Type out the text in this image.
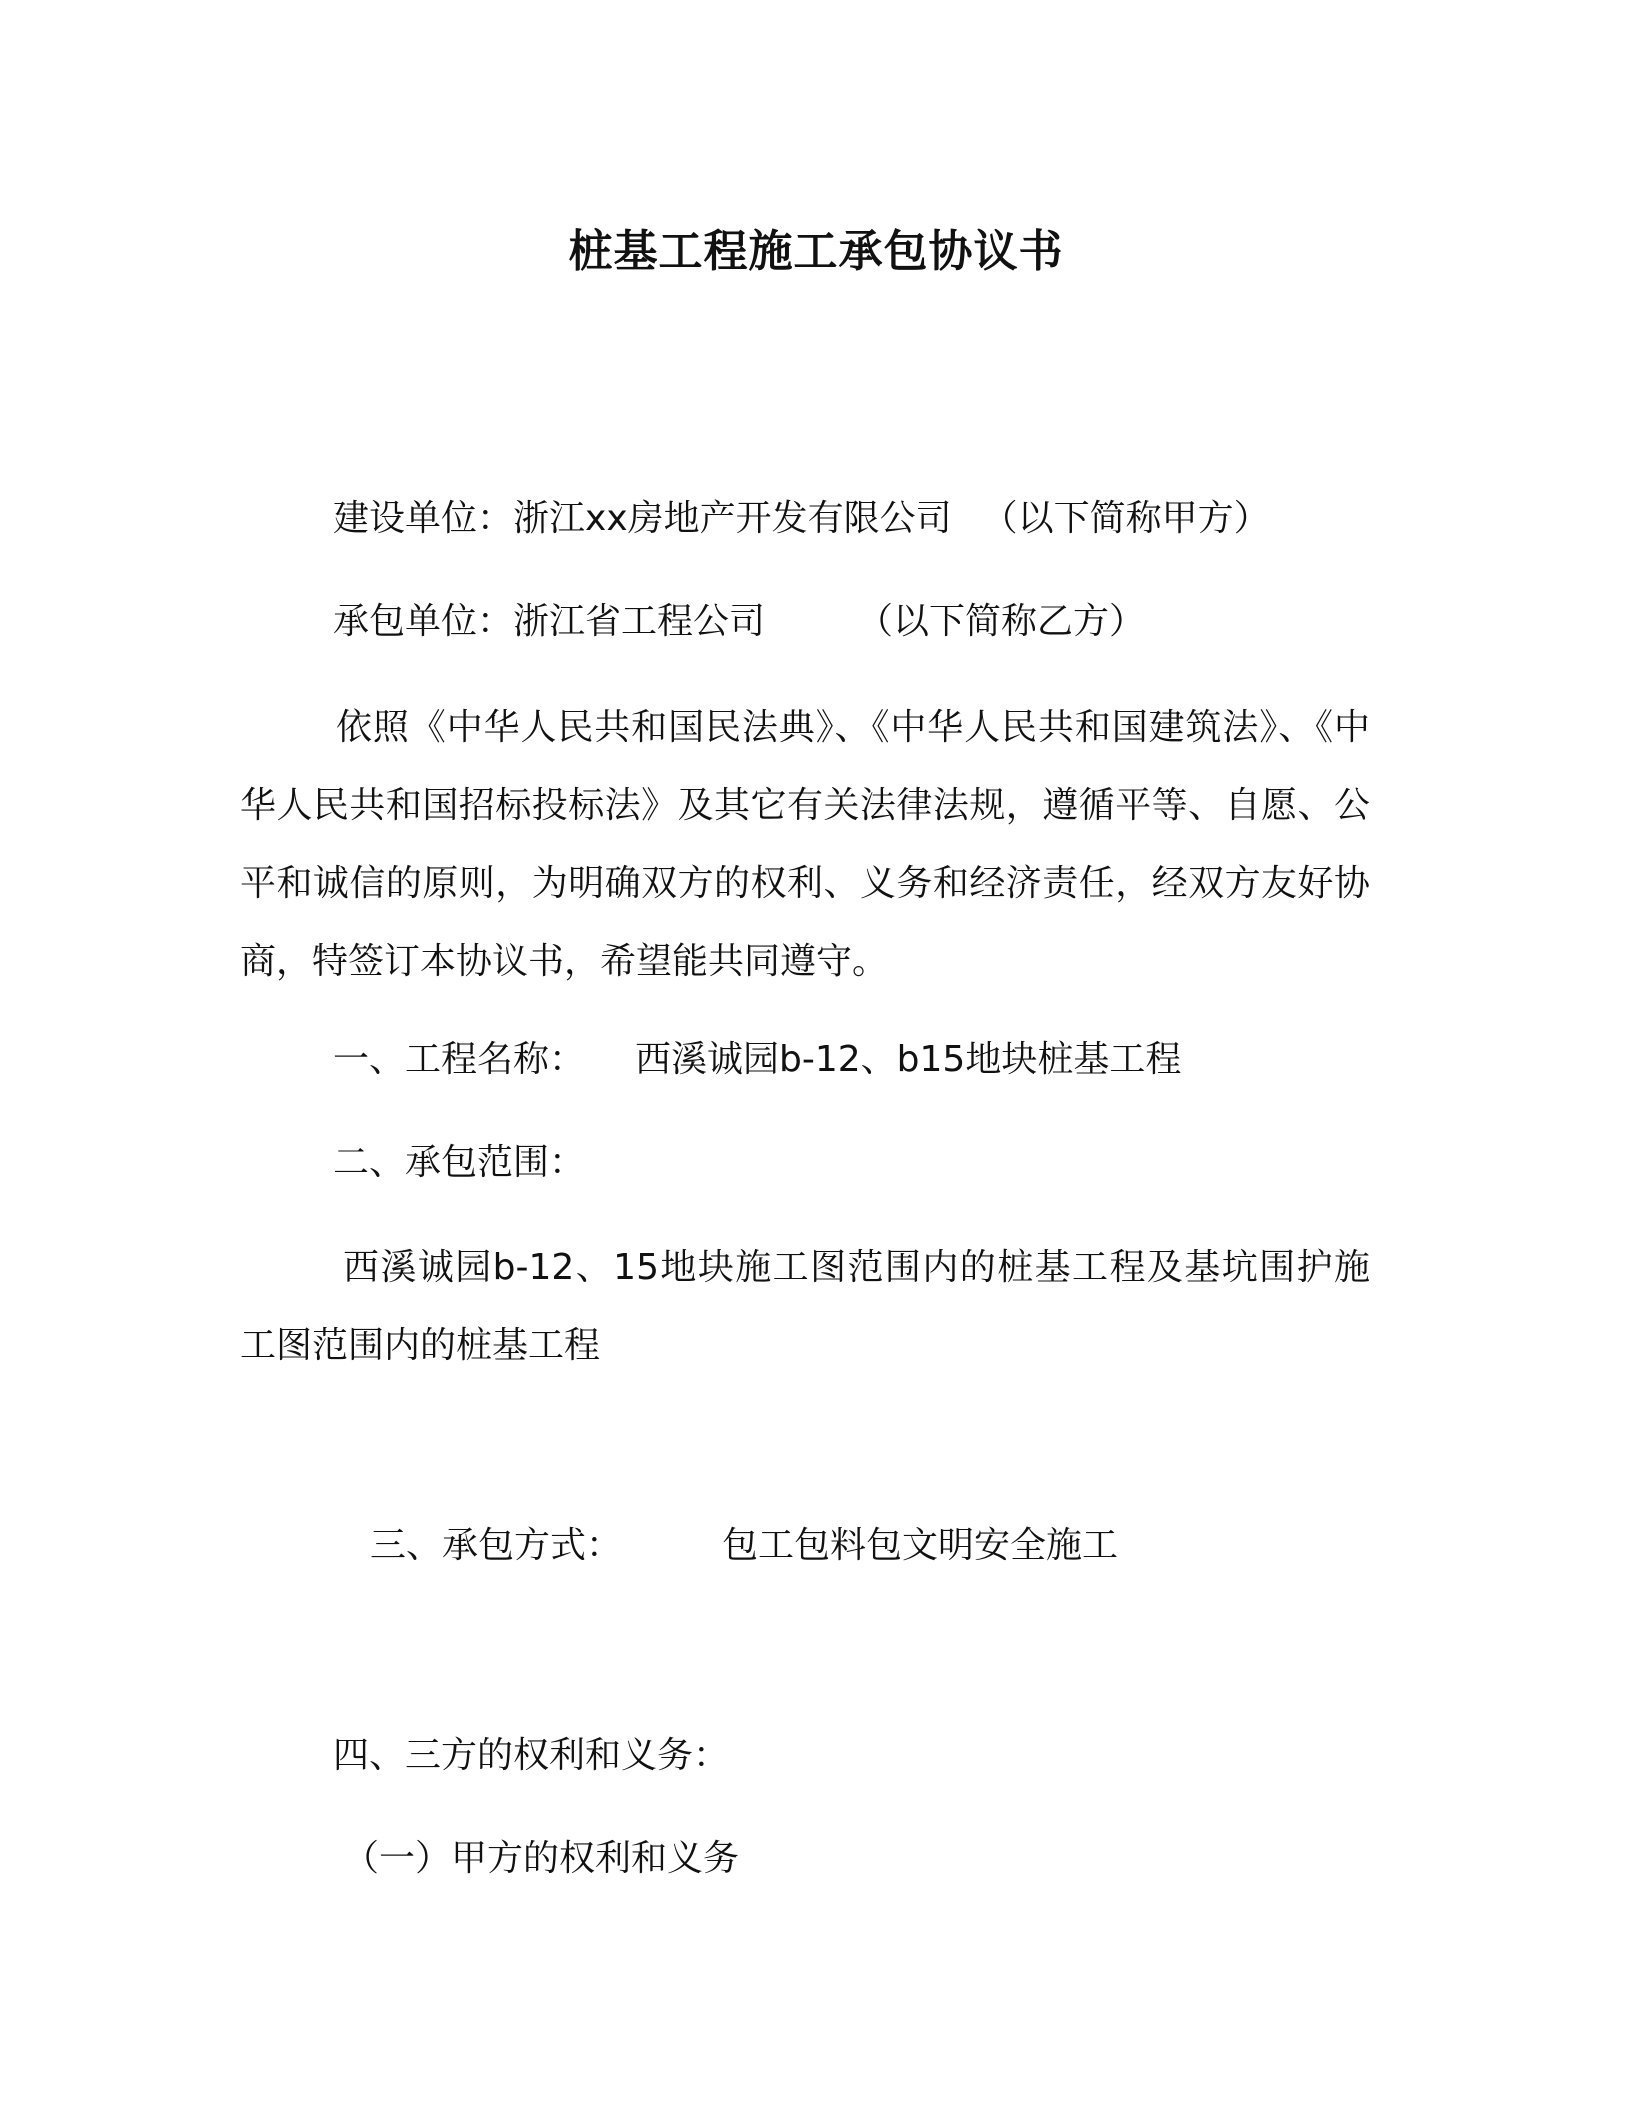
桩基工程施工承包协议书

建设单位：浙江xx房地产开发有限公司 （以下简称甲方）

承包单位：浙江省工程公司	（以下简称乙方）

依照《中华人民共和国民法典》、《中华人民共和国建筑法》、《中华人民共和国招标投标法》及其它有关法律法规，遵循平等、自愿、公平和诚信的原则，为明确双方的权利、义务和经济责任，经双方友好协商，特签订本协议书，希望能共同遵守。

一、工程名称： 西溪诚园b-12、b15地块桩基工程

二、承包范围：

西溪诚园b-12、15地块施工图范围内的桩基工程及基坑围护施工图范围内的桩基工程

三、承包方式：	包工包料包文明安全施工

四、三方的权利和义务：

（一）甲方的权利和义务
